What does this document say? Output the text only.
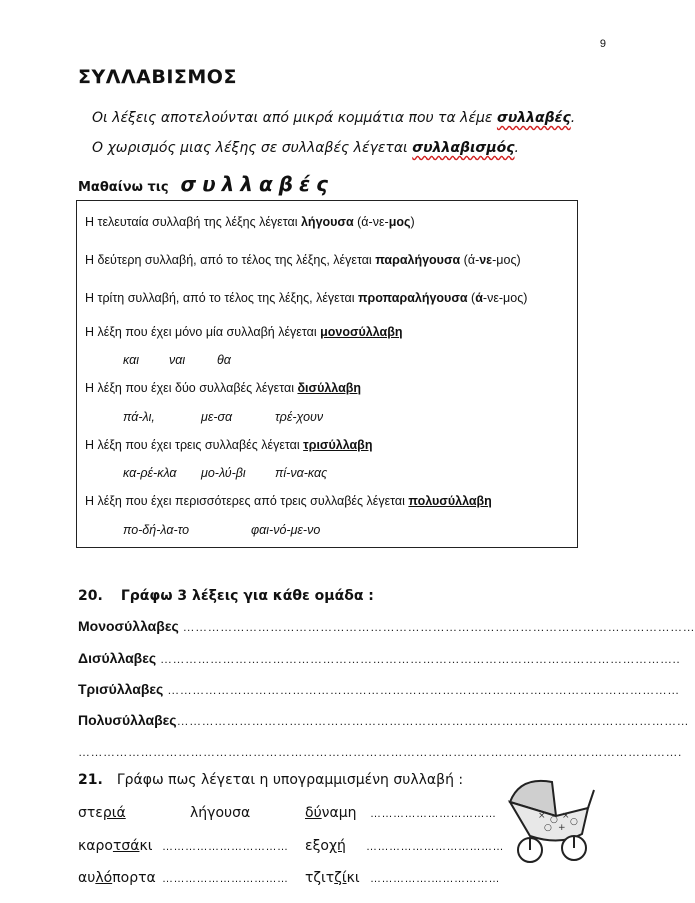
9
ΣΥΛΛΑΒΙΣΜΟΣ
Οι λέξεις αποτελούνται από μικρά κομμάτια που τα λέμε συλλαβές.
Ο χωρισμός μιας λέξης σε συλλαβές λέγεται συλλαβισμός.
Μαθαίνω τις συλλαβές
Η τελευταία συλλαβή της λέξης λέγεται λήγουσα (ά-νε-μος)
Η δεύτερη συλλαβή, από το τέλος της λέξης, λέγεται παραλήγουσα (ά-νε-μος)
Η τρίτη συλλαβή, από το τέλος της λέξης, λέγεται προπαραλήγουσα (ά-νε-μος)
Η λέξη που έχει μόνο μία συλλαβή λέγεται μονοσύλλαβη
και ναι	θα
Η λέξη που έχει δύο συλλαβές λέγεται δισύλλαβη
πά-λι,	με-σα	τρέ-χουν
Η λέξη που έχει τρεις συλλαβές λέγεται τρισύλλαβη
κα-ρέ-κλα μο-λύ-βι πί-να-κας
Η λέξη που έχει περισσότερες από τρεις συλλαβές λέγεται πολυσύλλαβη
πο-δή-λα-το	φαι-νό-με-νο
20. Γράφω 3 λέξεις για κάθε ομάδα :
Μονοσύλλαβες ……………………………………………………………………………………………………………
Δισύλλαβες ……………………………………………………………………………………………………………..
Τρισύλλαβες ……………………………………………………………………………………………………………
Πολυσύλλαβες……………………………………………………………………………………………………………
……………………………………………………………………………………………………………………………….
21. Γράφω πως λέγεται η υπογραμμισμένη συλλαβή :
στεριά	λήγουσα	δύναμη ……………………………
καροτσάκι …………………………… εξοχή ………………………………
αυλόπορτα …………………………… τζιτζίκι …………….………………
× ○ ×
○ +
○
